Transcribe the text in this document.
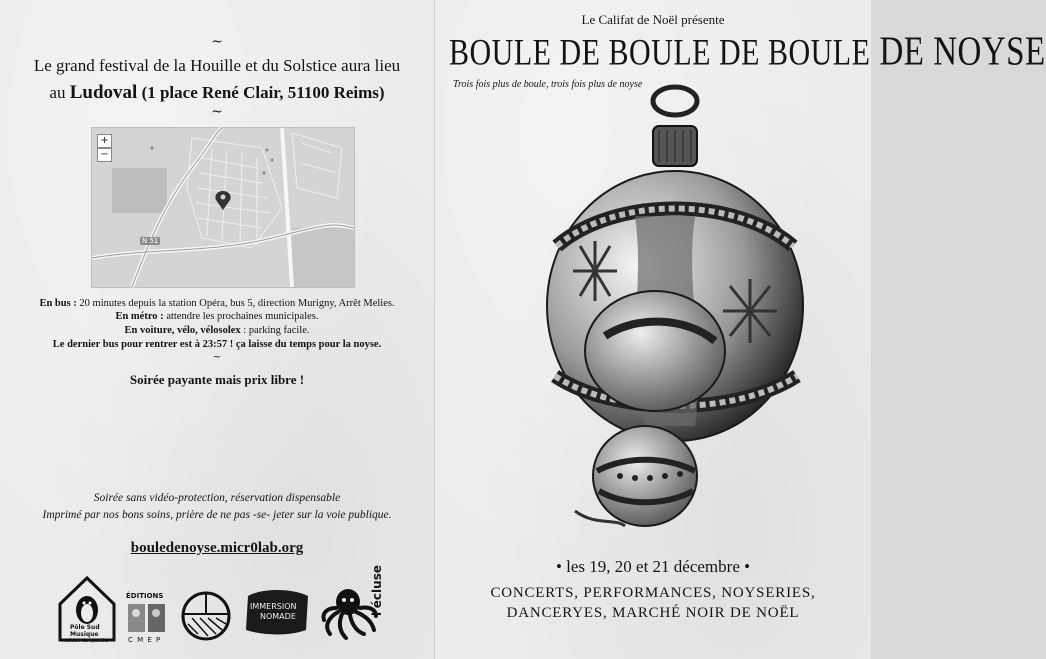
~
Le grand festival de la Houille et du Solstice aura lieu
au Ludoval (1 place René Clair, 51100 Reims)
~
+
−
N 51
En bus : 20 minutes depuis la station Opéra, bus 5, direction Murigny, Arrêt Melies.
En métro : attendre les prochaines municipales.
En voiture, vélo, vélosolex : parking facile.
Le dernier bus pour rentrer est à 23:57 ! ça laisse du temps pour la noyse.
~
Soirée payante mais prix libre !
Soirée sans vidéo-protection, réservation dispensable
Imprimé par nos bons soins, prière de ne pas -se- jeter sur la voie publique.
bouledenoyse.micr0lab.org
Pôle Sud
Musique
maison de quartier
ÉDITIONS
C M E P
IMMERSION
NOMADE
l'écluse
Le Califat de Noël présente
BOULE DE BOULE DE BOULE DE NOYSE
Trois fois plus de boule, trois fois plus de noyse
• les 19, 20 et 21 décembre •
CONCERTS, PERFORMANCES, NOYSERIES,
DANCERYES, MARCHÉ NOIR DE NOËL
